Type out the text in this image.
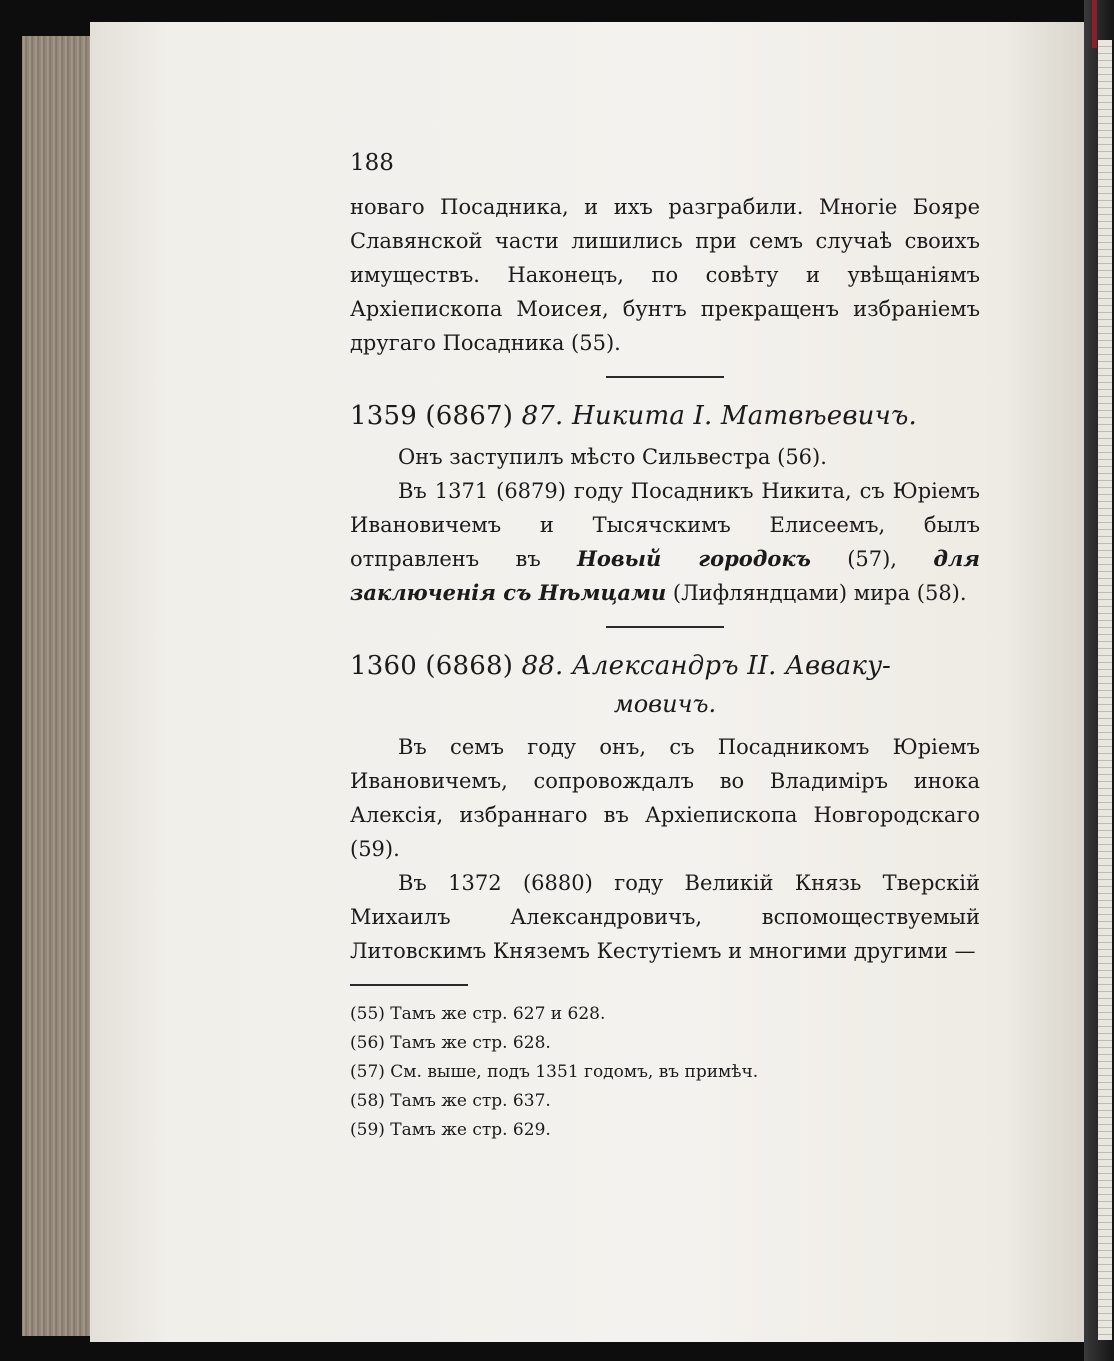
188

новаго Посадника, и ихъ разграбили. Многіе Бояре Славянской части лишились при семъ случаѣ своихъ имуществъ. Наконецъ, по совѣту и увѣщаніямъ Архіепископа Моисея, бунтъ прекращенъ избраніемъ другаго Посадника (55).

1359 (6867) 87. Никита I. Матвѣевичъ.

Онъ заступилъ мѣсто Сильвестра (56).

Въ 1371 (6879) году Посадникъ Никита, съ Юріемъ Ивановичемъ и Тысячскимъ Елисеемъ, былъ отправленъ въ Новый городокъ (57), для заключенія съ Нѣмцами (Лифляндцами) мира (58).

1360 (6868) 88. Александръ II. Аввакy-
мовичъ.

Въ семъ году онъ, съ Посадникомъ Юріемъ Ивановичемъ, сопровождалъ во Владиміръ инока Алексія, избраннаго въ Архіепископа Новгородскаго (59).

Въ 1372 (6880) году Великій Князь Тверскій Михаилъ Александровичъ, вспомоществуемый Литовскимъ Княземъ Кестутіемъ и многими другими —

(55) Тамъ же стр. 627 и 628.

(56) Тамъ же стр. 628.

(57) См. выше, подъ 1351 годомъ, въ примѣч.

(58) Тамъ же стр. 637.

(59) Тамъ же стр. 629.
